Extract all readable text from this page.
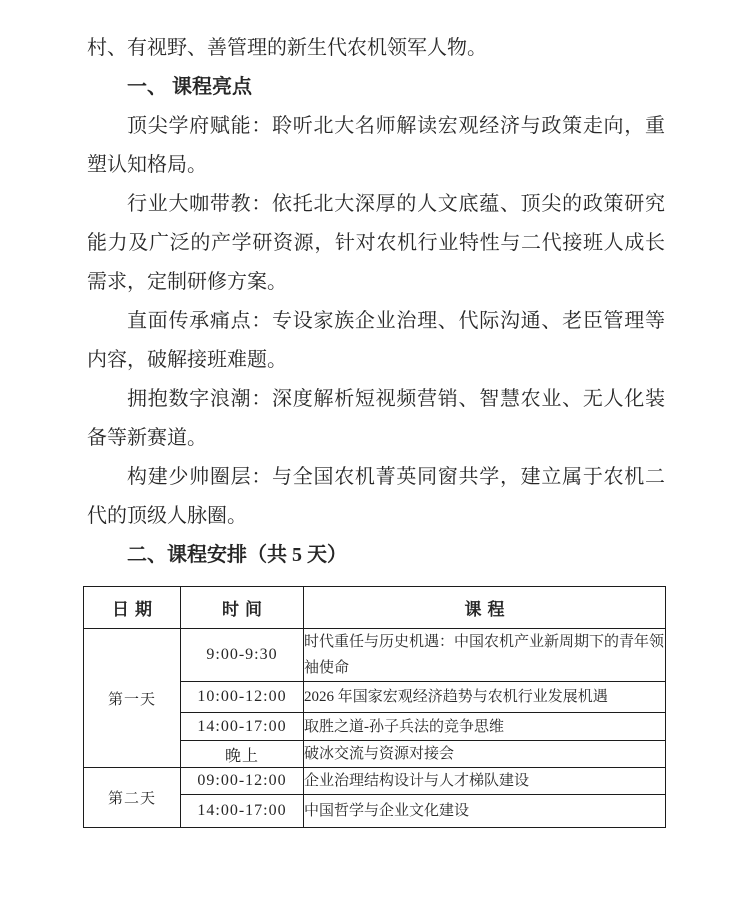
村、有视野、善管理的新生代农机领军人物。

一、 课程亮点

顶尖学府赋能：聆听北大名师解读宏观经济与政策走向，重塑认知格局。

行业大咖带教：依托北大深厚的人文底蕴、顶尖的政策研究能力及广泛的产学研资源，针对农机行业特性与二代接班人成长需求，定制研修方案。

直面传承痛点：专设家族企业治理、代际沟通、老臣管理等内容，破解接班难题。

拥抱数字浪潮：深度解析短视频营销、智慧农业、无人化装备等新赛道。

构建少帅圈层：与全国农机菁英同窗共学，建立属于农机二代的顶级人脉圈。

二、课程安排（共 5 天）

日期	时间	课程
第一天	9:00-9:30	时代重任与历史机遇：中国农机产业新周期下的青年领袖使命
	10:00-12:00	2026 年国家宏观经济趋势与农机行业发展机遇
	14:00-17:00	取胜之道-孙子兵法的竞争思维
	晚上	破冰交流与资源对接会
第二天	09:00-12:00	企业治理结构设计与人才梯队建设
	14:00-17:00	中国哲学与企业文化建设
